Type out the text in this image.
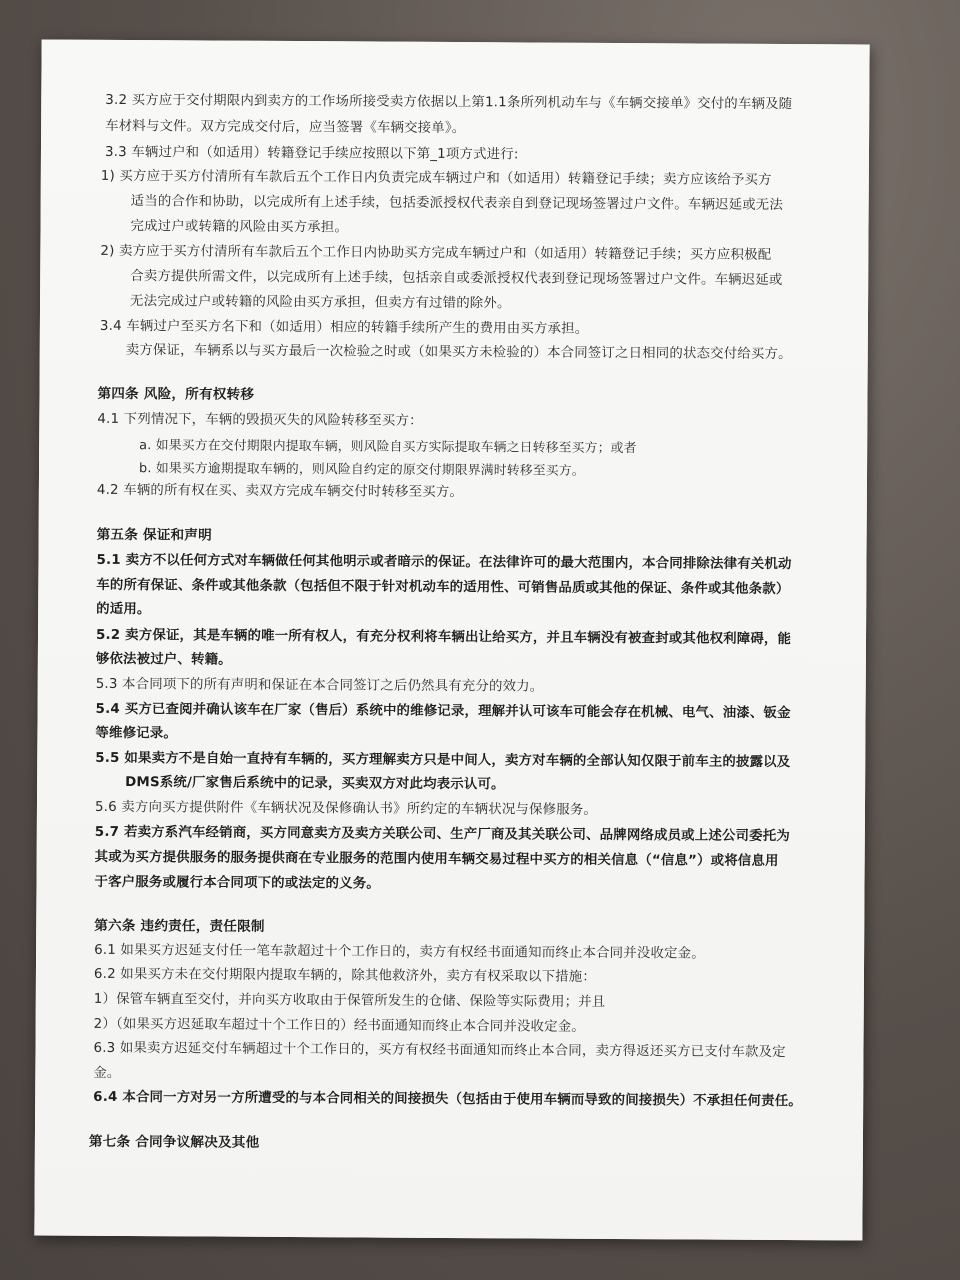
3.2 买方应于交付期限内到卖方的工作场所接受卖方依据以上第1.1条所列机动车与《车辆交接单》交付的车辆及随
车材料与文件。双方完成交付后，应当签署《车辆交接单》。
3.3 车辆过户和（如适用）转籍登记手续应按照以下第_1项方式进行:
1) 买方应于买方付清所有车款后五个工作日内负责完成车辆过户和（如适用）转籍登记手续；卖方应该给予买方
适当的合作和协助，以完成所有上述手续，包括委派授权代表亲自到登记现场签署过户文件。车辆迟延或无法
完成过户或转籍的风险由买方承担。
2) 卖方应于买方付清所有车款后五个工作日内协助买方完成车辆过户和（如适用）转籍登记手续；买方应积极配
合卖方提供所需文件，以完成所有上述手续，包括亲自或委派授权代表到登记现场签署过户文件。车辆迟延或
无法完成过户或转籍的风险由买方承担，但卖方有过错的除外。
3.4 车辆过户至买方名下和（如适用）相应的转籍手续所产生的费用由买方承担。
卖方保证，车辆系以与买方最后一次检验之时或（如果买方未检验的）本合同签订之日相同的状态交付给买方。
第四条 风险，所有权转移
4.1 下列情况下，车辆的毁损灭失的风险转移至买方：
a. 如果买方在交付期限内提取车辆，则风险自买方实际提取车辆之日转移至买方；或者
b. 如果买方逾期提取车辆的，则风险自约定的原交付期限界满时转移至买方。
4.2 车辆的所有权在买、卖双方完成车辆交付时转移至买方。
第五条 保证和声明
5.1 卖方不以任何方式对车辆做任何其他明示或者暗示的保证。在法律许可的最大范围内，本合同排除法律有关机动
车的所有保证、条件或其他条款（包括但不限于针对机动车的适用性、可销售品质或其他的保证、条件或其他条款）
的适用。
5.2 卖方保证，其是车辆的唯一所有权人，有充分权利将车辆出让给买方，并且车辆没有被查封或其他权利障碍，能
够依法被过户、转籍。
5.3 本合同项下的所有声明和保证在本合同签订之后仍然具有充分的效力。
5.4 买方已查阅并确认该车在厂家（售后）系统中的维修记录，理解并认可该车可能会存在机械、电气、油漆、钣金
等维修记录。
5.5 如果卖方不是自始一直持有车辆的，买方理解卖方只是中间人，卖方对车辆的全部认知仅限于前车主的披露以及
DMS系统/厂家售后系统中的记录，买卖双方对此均表示认可。
5.6 卖方向买方提供附件《车辆状况及保修确认书》所约定的车辆状况与保修服务。
5.7 若卖方系汽车经销商，买方同意卖方及卖方关联公司、生产厂商及其关联公司、品牌网络成员或上述公司委托为
其或为买方提供服务的服务提供商在专业服务的范围内使用车辆交易过程中买方的相关信息（“信息”）或将信息用
于客户服务或履行本合同项下的或法定的义务。
第六条 违约责任，责任限制
6.1 如果买方迟延支付任一笔车款超过十个工作日的，卖方有权经书面通知而终止本合同并没收定金。
6.2 如果买方未在交付期限内提取车辆的，除其他救济外，卖方有权采取以下措施：
1）保管车辆直至交付，并向买方收取由于保管所发生的仓储、保险等实际费用；并且
2）（如果买方迟延取车超过十个工作日的）经书面通知而终止本合同并没收定金。
6.3 如果卖方迟延交付车辆超过十个工作日的，买方有权经书面通知而终止本合同，卖方得返还买方已支付车款及定
金。
6.4 本合同一方对另一方所遭受的与本合同相关的间接损失（包括由于使用车辆而导致的间接损失）不承担任何责任。
第七条 合同争议解决及其他
